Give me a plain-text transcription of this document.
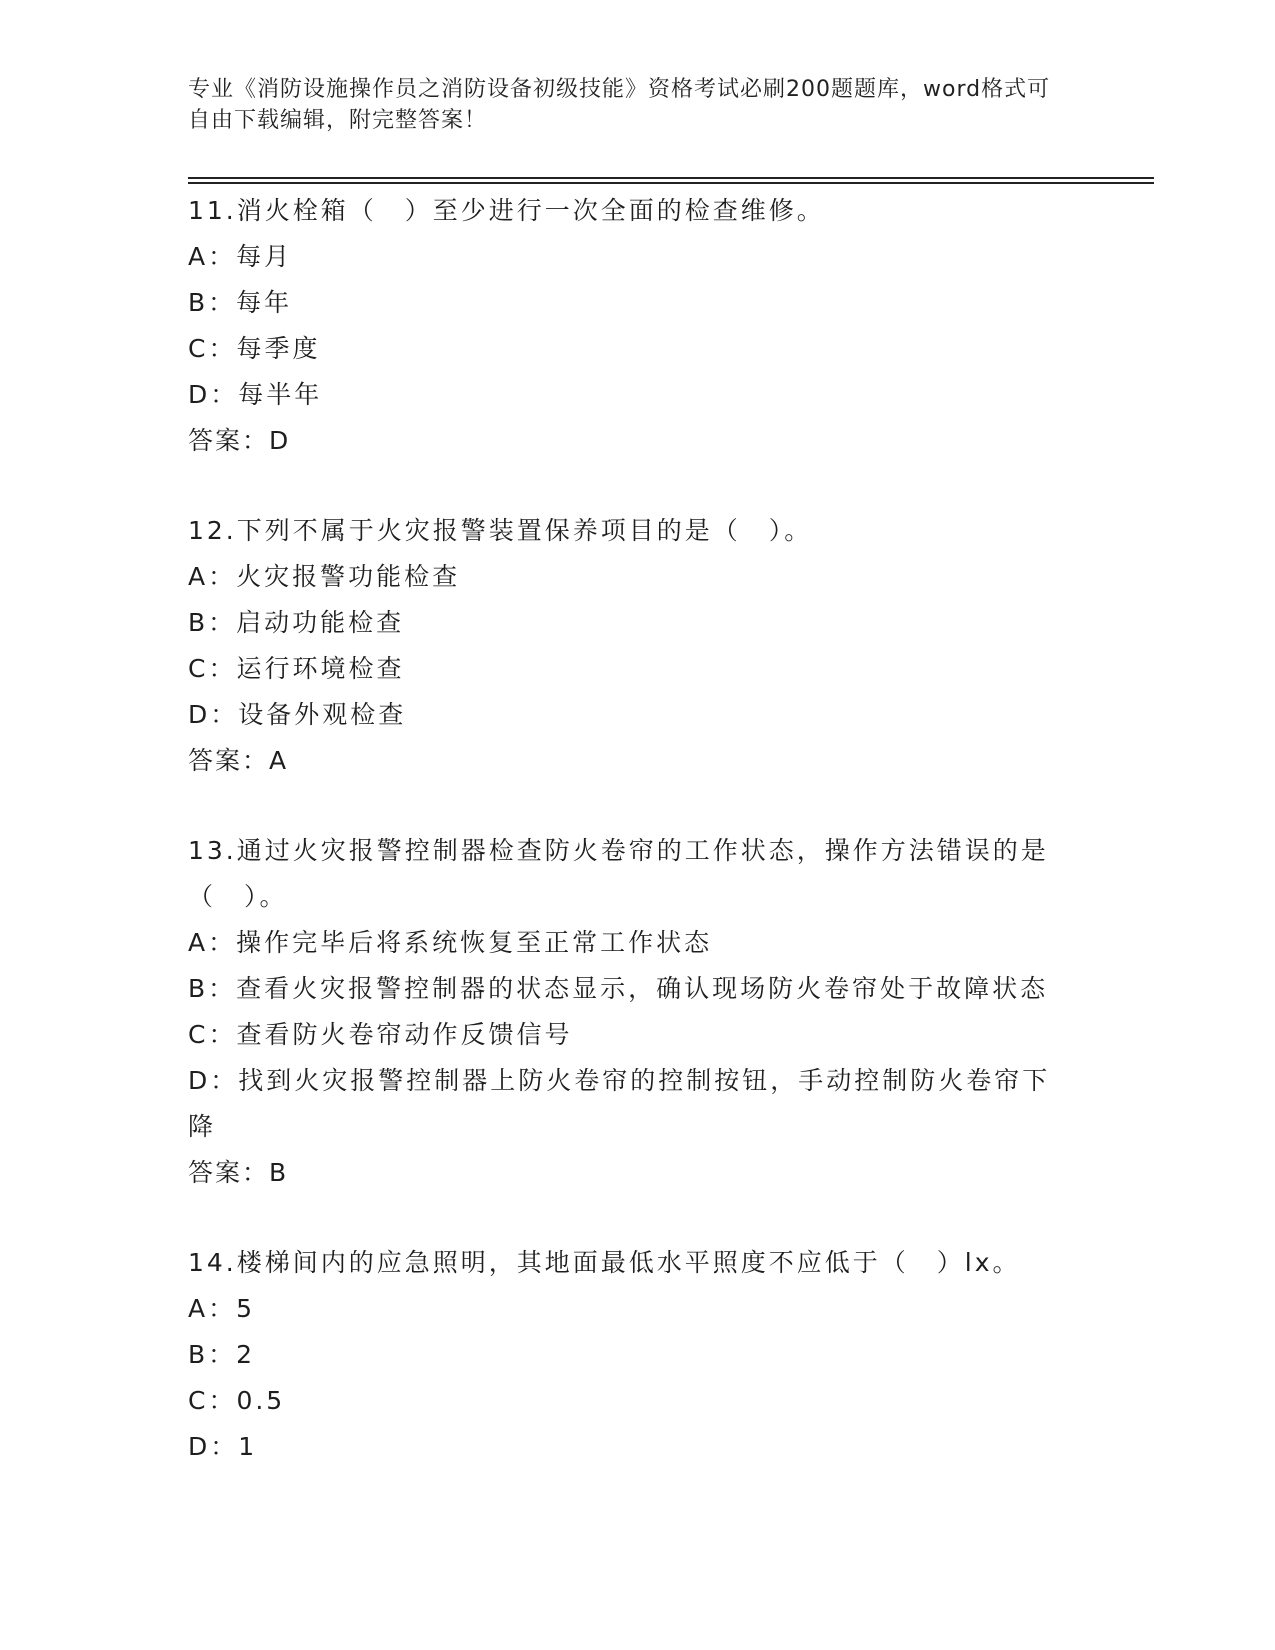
专业《消防设施操作员之消防设备初级技能》资格考试必刷200题题库，word格式可自由下载编辑，附完整答案！
11.消火栓箱（　）至少进行一次全面的检查维修。
A：每月
B：每年
C：每季度
D：每半年
答案：D
12.下列不属于火灾报警装置保养项目的是（　）。
A：火灾报警功能检查
B：启动功能检查
C：运行环境检查
D：设备外观检查
答案：A
13.通过火灾报警控制器检查防火卷帘的工作状态，操作方法错误的是（　）。
A：操作完毕后将系统恢复至正常工作状态
B：查看火灾报警控制器的状态显示，确认现场防火卷帘处于故障状态
C：查看防火卷帘动作反馈信号
D：找到火灾报警控制器上防火卷帘的控制按钮，手动控制防火卷帘下降
答案：B
14.楼梯间内的应急照明，其地面最低水平照度不应低于（　）lx。
A：5
B：2
C：0.5
D：1
